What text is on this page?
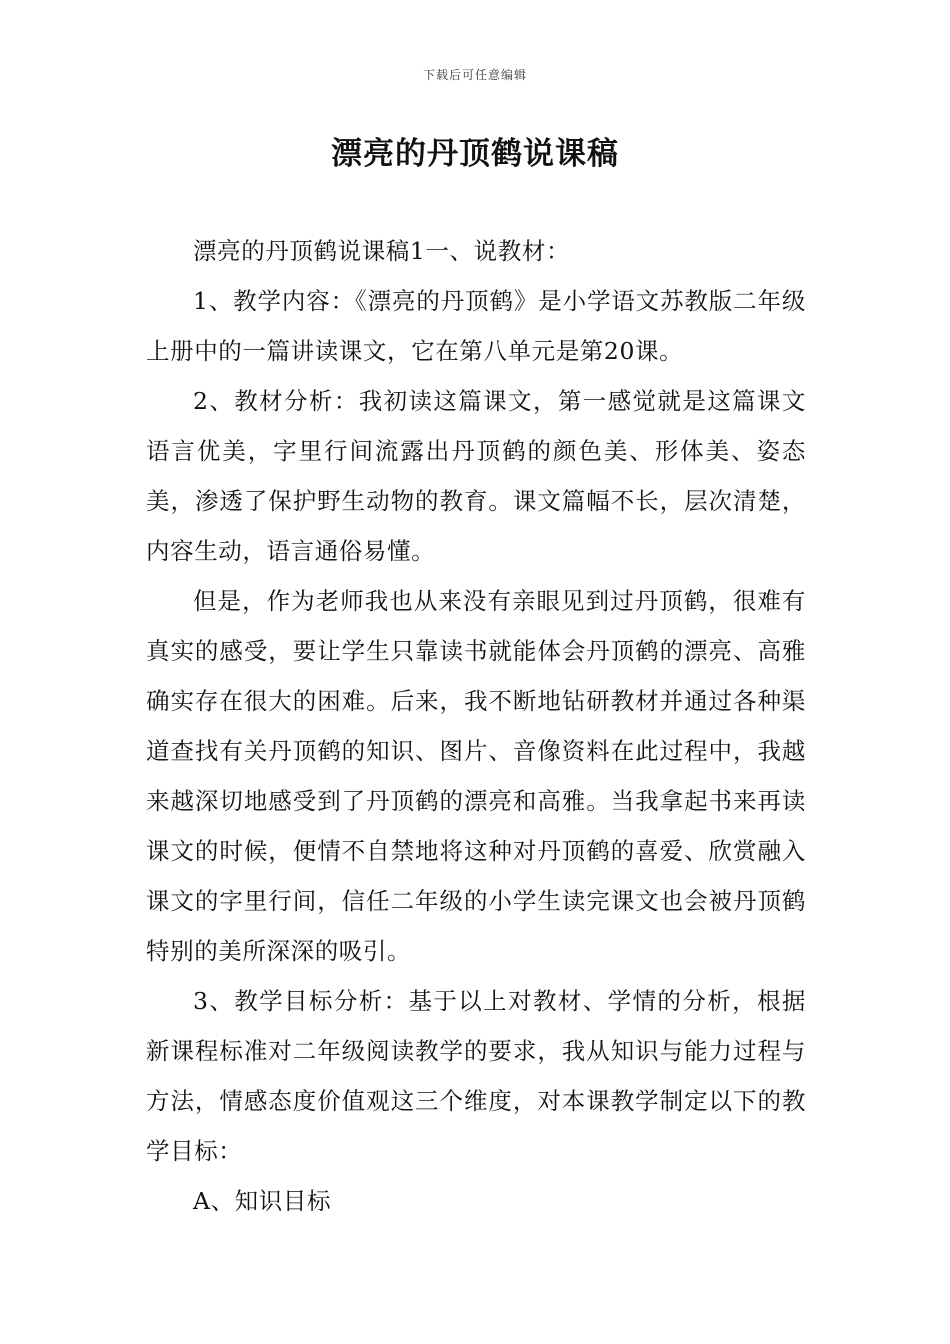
下载后可任意编辑
漂亮的丹顶鹤说课稿

漂亮的丹顶鹤说课稿1一、说教材：

1、教学内容：《漂亮的丹顶鹤》是小学语文苏教版二年级上册中的一篇讲读课文，它在第八单元是第20课。

2、教材分析：我初读这篇课文，第一感觉就是这篇课文语言优美，字里行间流露出丹顶鹤的颜色美、形体美、姿态美，渗透了保护野生动物的教育。课文篇幅不长，层次清楚，内容生动，语言通俗易懂。

但是，作为老师我也从来没有亲眼见到过丹顶鹤，很难有真实的感受，要让学生只靠读书就能体会丹顶鹤的漂亮、高雅确实存在很大的困难。后来，我不断地钻研教材并通过各种渠道查找有关丹顶鹤的知识、图片、音像资料在此过程中，我越来越深切地感受到了丹顶鹤的漂亮和高雅。当我拿起书来再读课文的时候，便情不自禁地将这种对丹顶鹤的喜爱、欣赏融入课文的字里行间，信任二年级的小学生读完课文也会被丹顶鹤特别的美所深深的吸引。

3、教学目标分析：基于以上对教材、学情的分析，根据新课程标准对二年级阅读教学的要求，我从知识与能力过程与方法，情感态度价值观这三个维度，对本课教学制定以下的教学目标：

A、知识目标
